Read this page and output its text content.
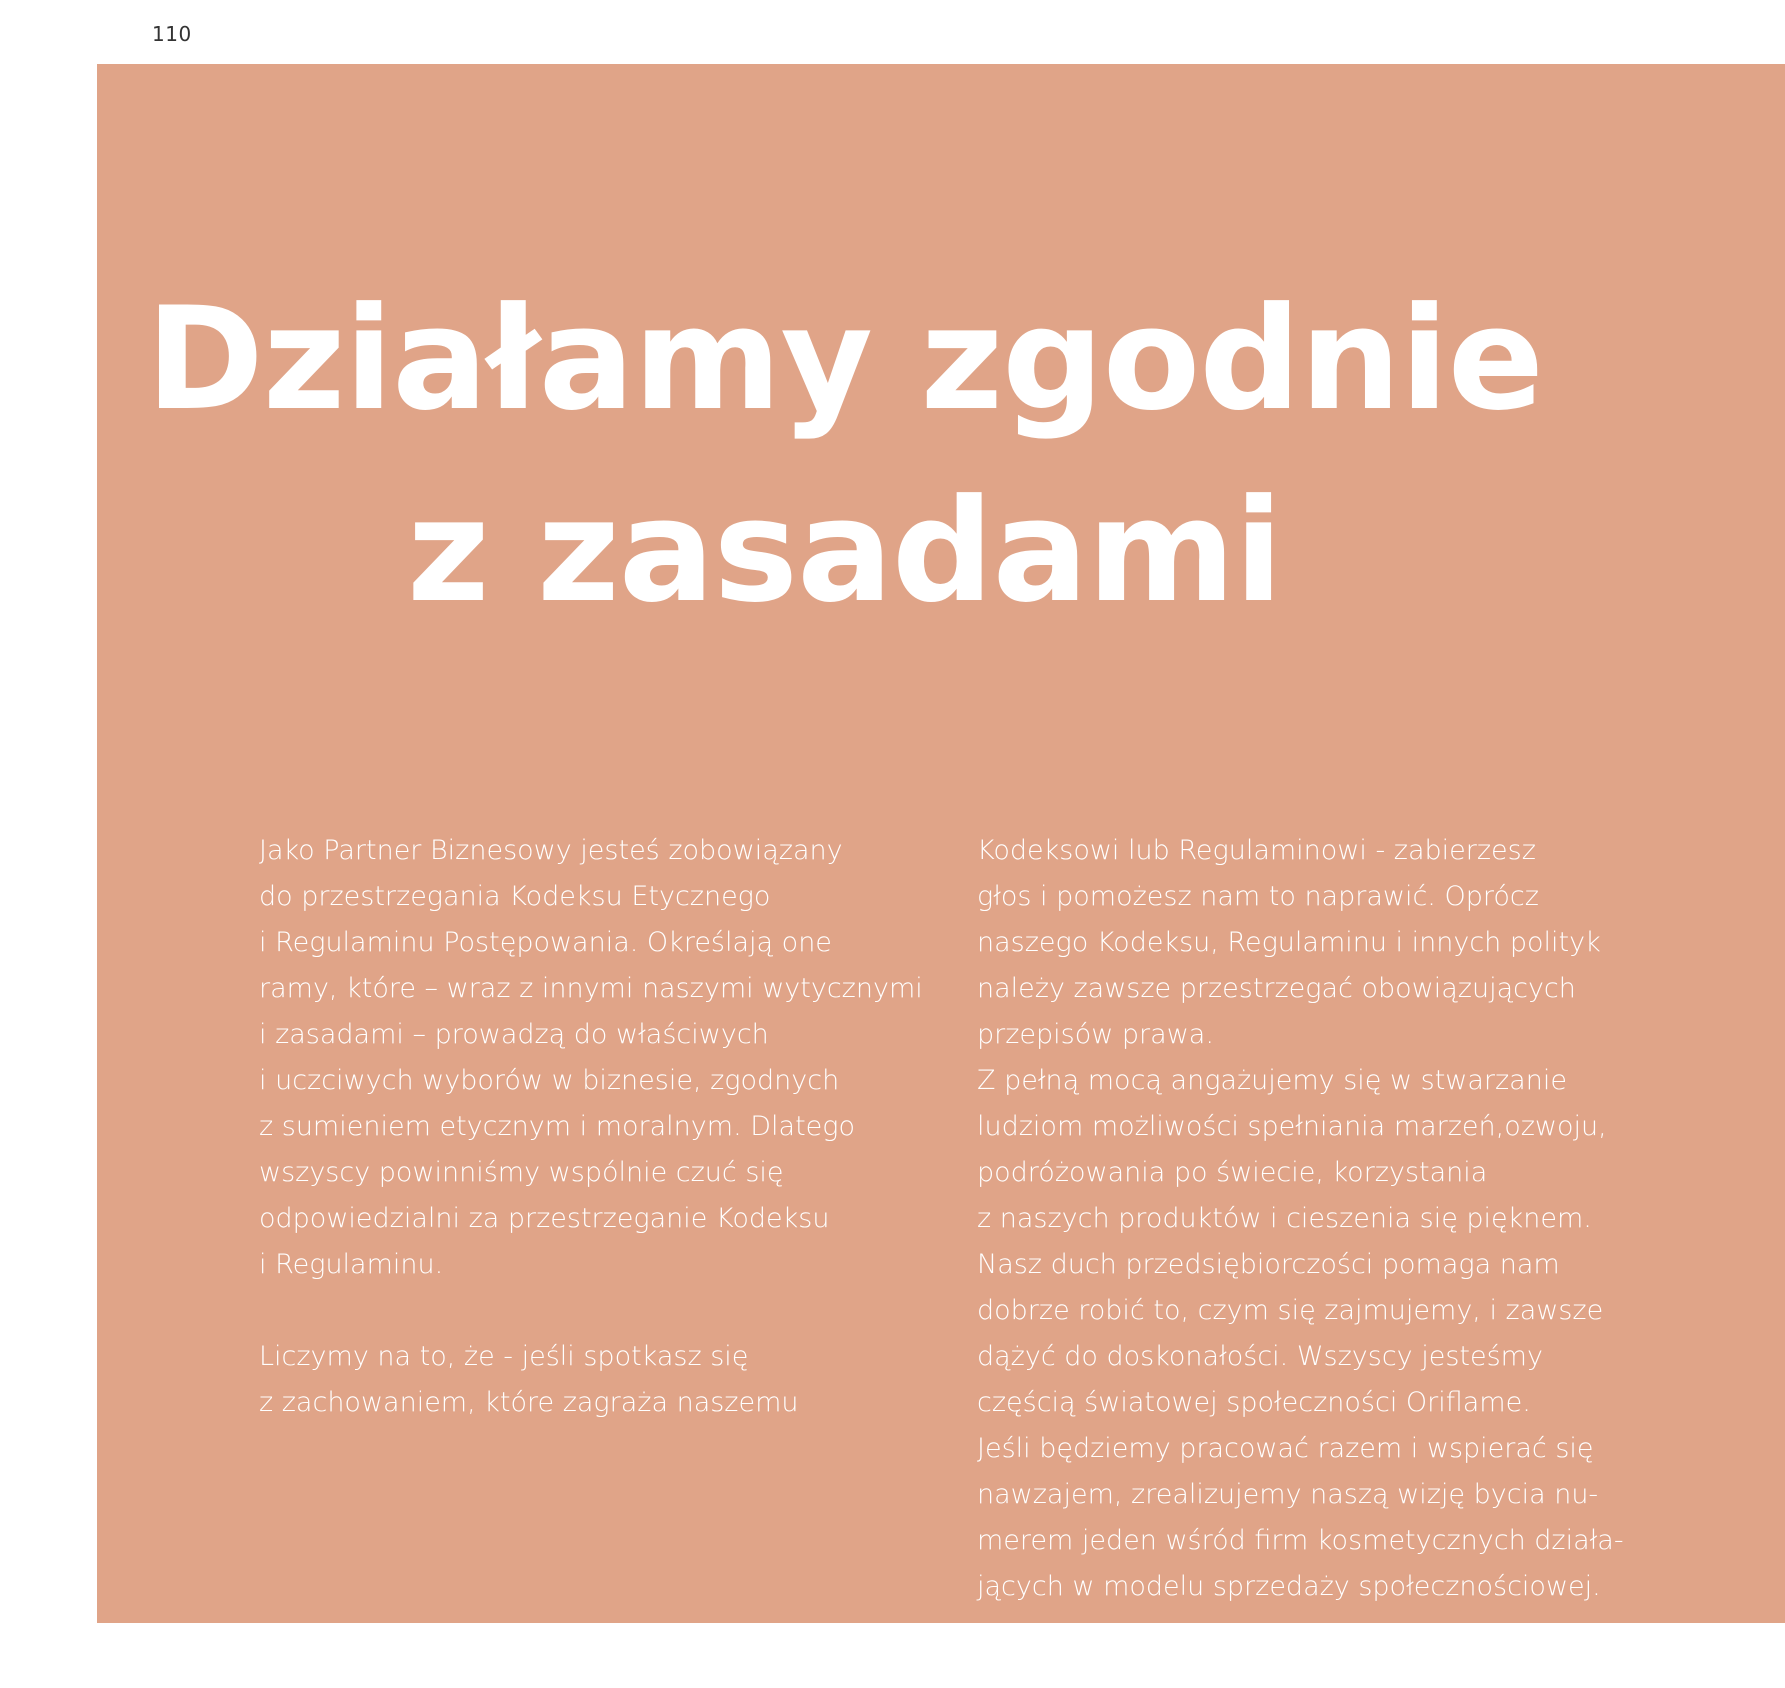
110
Działamy zgodnie
z zasadami
Jako Partner Biznesowy jesteś zobowiązany
do przestrzegania Kodeksu Etycznego
i Regulaminu Postępowania. Określają one
ramy, które – wraz z innymi naszymi wytycznymi
i zasadami – prowadzą do właściwych
i uczciwych wyborów w biznesie, zgodnych
z sumieniem etycznym i moralnym. Dlatego
wszyscy powinniśmy wspólnie czuć się
odpowiedzialni za przestrzeganie Kodeksu
i Regulaminu.
Liczymy na to, że - jeśli spotkasz się
z zachowaniem, które zagraża naszemu
Kodeksowi lub Regulaminowi - zabierzesz
głos i pomożesz nam to naprawić. Oprócz
naszego Kodeksu, Regulaminu i innych polityk
należy zawsze przestrzegać obowiązujących
przepisów prawa.
Z pełną mocą angażujemy się w stwarzanie
ludziom możliwości spełniania marzeń,ozwoju,
podróżowania po świecie, korzystania
z naszych produktów i cieszenia się pięknem.
Nasz duch przedsiębiorczości pomaga nam
dobrze robić to, czym się zajmujemy, i zawsze
dążyć do doskonałości. Wszyscy jesteśmy
częścią światowej społeczności Oriflame.
Jeśli będziemy pracować razem i wspierać się
nawzajem, zrealizujemy naszą wizję bycia nu-
merem jeden wśród firm kosmetycznych działa-
jących w modelu sprzedaży społecznościowej.
